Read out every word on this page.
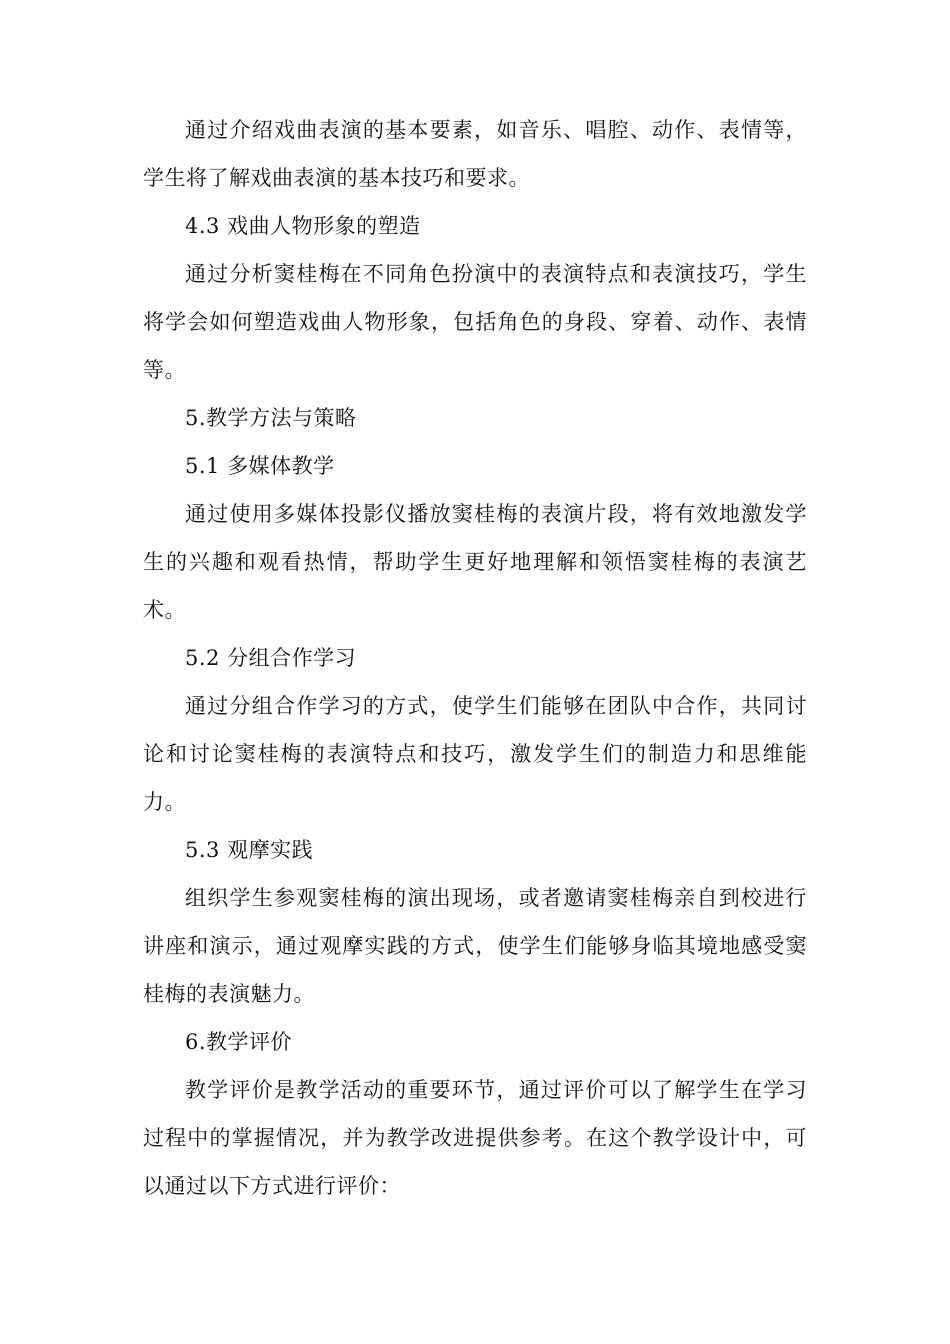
通过介绍戏曲表演的基本要素，如音乐、唱腔、动作、表情等，学生将了解戏曲表演的基本技巧和要求。

4.3 戏曲人物形象的塑造

通过分析窦桂梅在不同角色扮演中的表演特点和表演技巧，学生将学会如何塑造戏曲人物形象，包括角色的身段、穿着、动作、表情等。

5.教学方法与策略

5.1 多媒体教学

通过使用多媒体投影仪播放窦桂梅的表演片段，将有效地激发学生的兴趣和观看热情，帮助学生更好地理解和领悟窦桂梅的表演艺术。

5.2 分组合作学习

通过分组合作学习的方式，使学生们能够在团队中合作，共同讨论和讨论窦桂梅的表演特点和技巧，激发学生们的制造力和思维能力。

5.3 观摩实践

组织学生参观窦桂梅的演出现场，或者邀请窦桂梅亲自到校进行讲座和演示，通过观摩实践的方式，使学生们能够身临其境地感受窦桂梅的表演魅力。

6.教学评价

教学评价是教学活动的重要环节，通过评价可以了解学生在学习过程中的掌握情况，并为教学改进提供参考。在这个教学设计中，可以通过以下方式进行评价：
